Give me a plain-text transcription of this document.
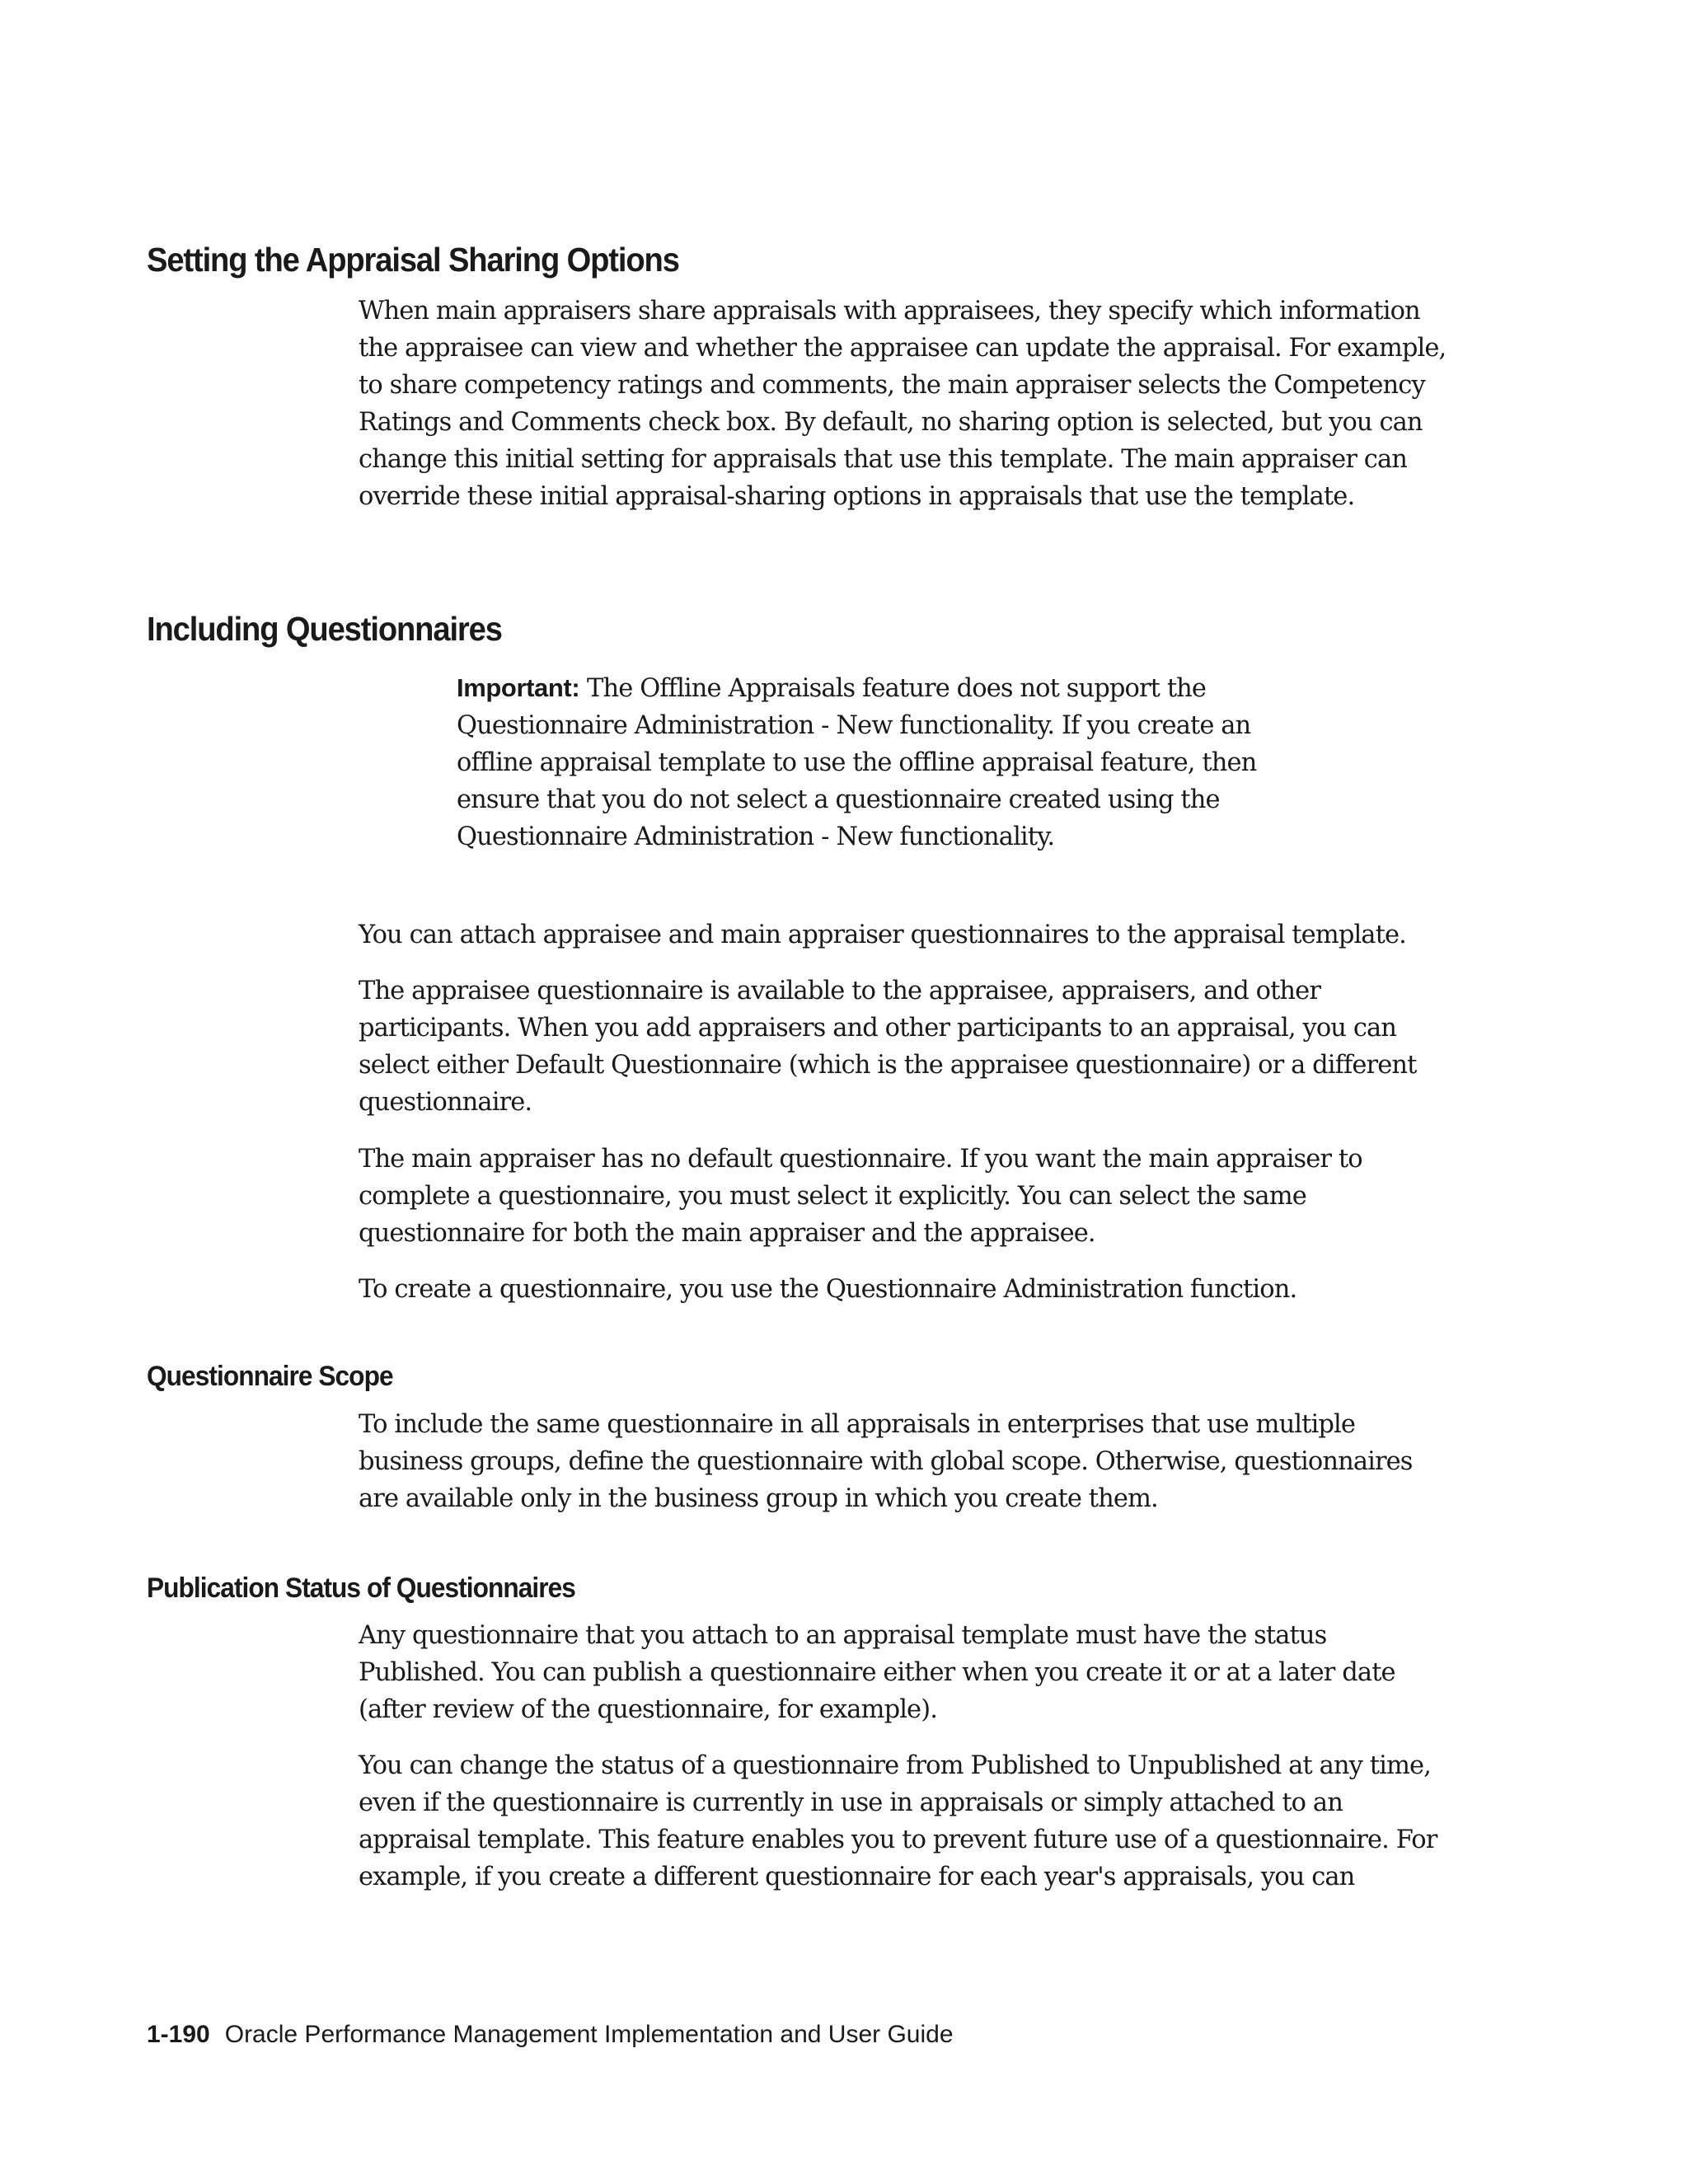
Setting the Appraisal Sharing Options

When main appraisers share appraisals with appraisees, they specify which information the appraisee can view and whether the appraisee can update the appraisal. For example, to share competency ratings and comments, the main appraiser selects the Competency Ratings and Comments check box. By default, no sharing option is selected, but you can change this initial setting for appraisals that use this template. The main appraiser can override these initial appraisal-sharing options in appraisals that use the template.

Including Questionnaires

Important: The Offline Appraisals feature does not support the Questionnaire Administration - New functionality. If you create an offline appraisal template to use the offline appraisal feature, then ensure that you do not select a questionnaire created using the Questionnaire Administration - New functionality.

You can attach appraisee and main appraiser questionnaires to the appraisal template.

The appraisee questionnaire is available to the appraisee, appraisers, and other participants. When you add appraisers and other participants to an appraisal, you can select either Default Questionnaire (which is the appraisee questionnaire) or a different questionnaire.

The main appraiser has no default questionnaire. If you want the main appraiser to complete a questionnaire, you must select it explicitly. You can select the same questionnaire for both the main appraiser and the appraisee.

To create a questionnaire, you use the Questionnaire Administration function.

Questionnaire Scope

To include the same questionnaire in all appraisals in enterprises that use multiple business groups, define the questionnaire with global scope. Otherwise, questionnaires are available only in the business group in which you create them.

Publication Status of Questionnaires

Any questionnaire that you attach to an appraisal template must have the status Published. You can publish a questionnaire either when you create it or at a later date (after review of the questionnaire, for example).

You can change the status of a questionnaire from Published to Unpublished at any time, even if the questionnaire is currently in use in appraisals or simply attached to an appraisal template. This feature enables you to prevent future use of a questionnaire. For example, if you create a different questionnaire for each year's appraisals, you can

1-190 Oracle Performance Management Implementation and User Guide
